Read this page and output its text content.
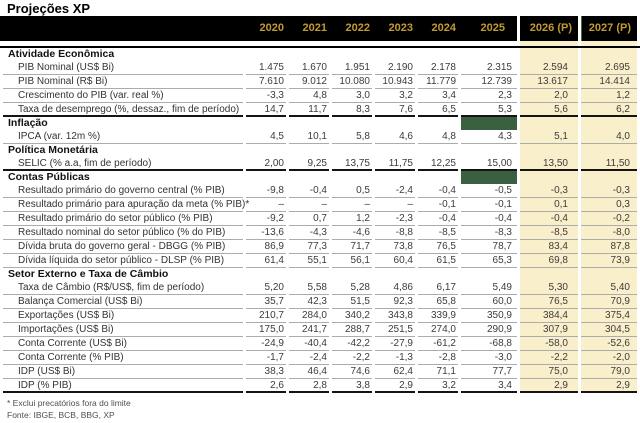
Projeções XP
2020	2021	2022	2023	2024	2025	2026 (P)	2027 (P)
Atividade Econômica
PIB Nominal (US$ Bi)	1.475	1.670	1.951	2.190	2.178	2.315	2.594	2.695
PIB Nominal (R$ Bi)	7.610	9.012	10.080	10.943	11.779	12.739	13.617	14.414
Crescimento do PIB (var. real %)	-3,3	4,8	3,0	3,2	3,4	2,3	2,0	1,2
Taxa de desemprego (%, dessaz., fim de período)	14,7	11,7	8,3	7,6	6,5	5,3	5,6	6,2
Inflação
IPCA (var. 12m %)	4,5	10,1	5,8	4,6	4,8	4,3	5,1	4,0
Política Monetária
SELIC (% a.a, fim de período)	2,00	9,25	13,75	11,75	12,25	15,00	13,50	11,50
Contas Públicas
Resultado primário do governo central (% PIB)	-9,8	-0,4	0,5	-2,4	-0,4	-0,5	-0,3	-0,3
Resultado primário para apuração da meta (% PIB)*	–	–	–	–	-0,1	-0,1	0,1	0,3
Resultado primário do setor público (% PIB)	-9,2	0,7	1,2	-2,3	-0,4	-0,4	-0,4	-0,2
Resultado nominal do setor público (% do PIB)	-13,6	-4,3	-4,6	-8,8	-8,5	-8,3	-8,5	-8,0
Dívida bruta do governo geral - DBGG (% PIB)	86,9	77,3	71,7	73,8	76,5	78,7	83,4	87,8
Dívida líquida do setor público - DLSP (% PIB)	61,4	55,1	56,1	60,4	61,5	65,3	69,8	73,9
Setor Externo e Taxa de Câmbio
Taxa de Câmbio (R$/US$, fim de período)	5,20	5,58	5,28	4,86	6,17	5,49	5,30	5,40
Balança Comercial (US$ Bi)	35,7	42,3	51,5	92,3	65,8	60,0	76,5	70,9
Exportações (US$ Bi)	210,7	284,0	340,2	343,8	339,9	350,9	384,4	375,4
Importações (US$ Bi)	175,0	241,7	288,7	251,5	274,0	290,9	307,9	304,5
Conta Corrente (US$ Bi)	-24,9	-40,4	-42,2	-27,9	-61,2	-68,8	-58,0	-52,6
Conta Corrente (% PIB)	-1,7	-2,4	-2,2	-1,3	-2,8	-3,0	-2,2	-2,0
IDP (US$ Bi)	38,3	46,4	74,6	62,4	71,1	77,7	75,0	79,0
IDP (% PIB)	2,6	2,8	3,8	2,9	3,2	3,4	2,9	2,9
* Exclui precatórios fora do limite
Fonte: IBGE, BCB, BBG, XP
